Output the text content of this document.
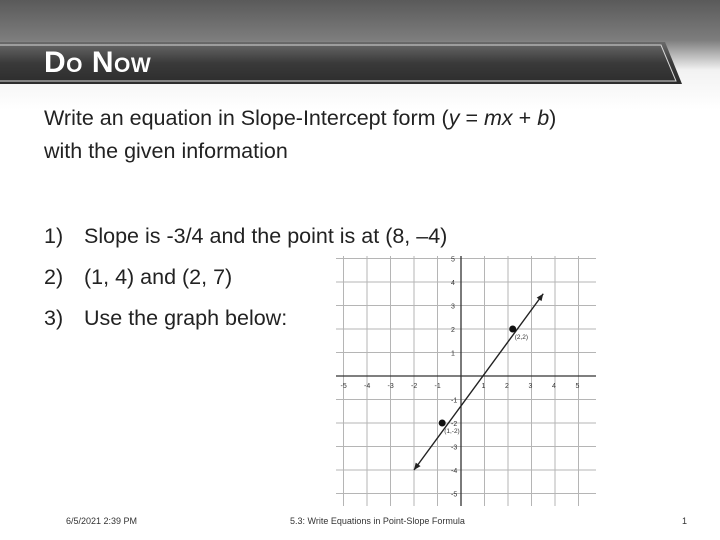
Do Now
Write an equation in Slope-Intercept form (y = mx + b)
with the given information
1) Slope is -3/4 and the point is at (8, –4)
2) (1, 4) and (2, 7)
3) Use the graph below:
-5 -4 -3 -2 -1	1	2	3	4	5
-5
-4
-3
-2
-1
1
2
3
4
5
(2,2)
(1,-2)
6/5/2021 2:39 PM	5.3: Write Equations in Point-Slope Formula	1
